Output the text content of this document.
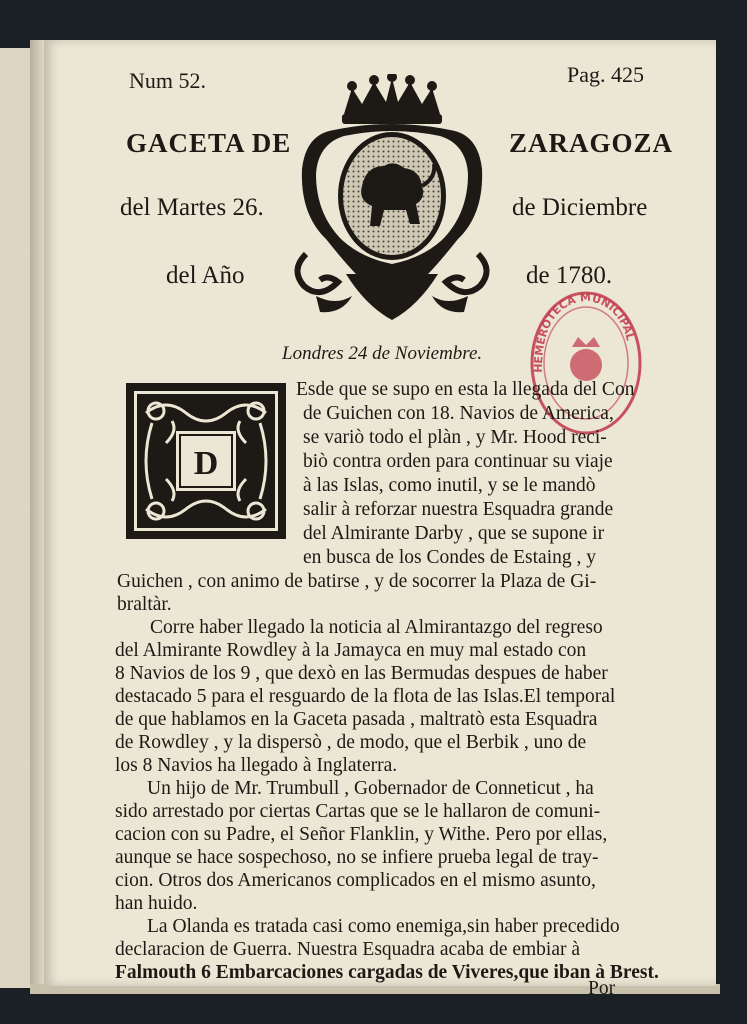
Num 52.	Pag. 425
GACETA DE	ZARAGOZA
del Martes 26.	de Diciembre
del Año	de 1780.
HEMEROTECA MUNICIPAL
Londres 24 de Noviembre.
D
Esde que se supo en esta la llegada del Con
de Guichen con 18. Navios de America,
se variò todo el plàn , y Mr. Hood reci-
biò contra orden para continuar su viaje
à las Islas, como inutil, y se le mandò
salir à reforzar nuestra Esquadra grande
del Almirante Darby , que se supone ir
en busca de los Condes de Estaing , y
Guichen , con animo de batirse , y de socorrer la Plaza de Gi-
braltàr.
Corre haber llegado la noticia al Almirantazgo del regreso
del Almirante Rowdley à la Jamayca en muy mal estado con
8 Navios de los 9 , que dexò en las Bermudas despues de haber
destacado 5 para el resguardo de la flota de las Islas.El temporal
de que hablamos en la Gaceta pasada , maltratò esta Esquadra
de Rowdley , y la dispersò , de modo, que el Berbik , uno de
los 8 Navios ha llegado à Inglaterra.
Un hijo de Mr. Trumbull , Gobernador de Conneticut , ha
sido arrestado por ciertas Cartas que se le hallaron de comuni-
cacion con su Padre, el Señor Flanklin, y Withe. Pero por ellas,
aunque se hace sospechoso, no se infiere prueba legal de tray-
cion. Otros dos Americanos complicados en el mismo asunto,
han huido.
La Olanda es tratada casi como enemiga,sin haber precedido
declaracion de Guerra. Nuestra Esquadra acaba de embiar à
Falmouth 6 Embarcaciones cargadas de Viveres,que iban à Brest.
Por
